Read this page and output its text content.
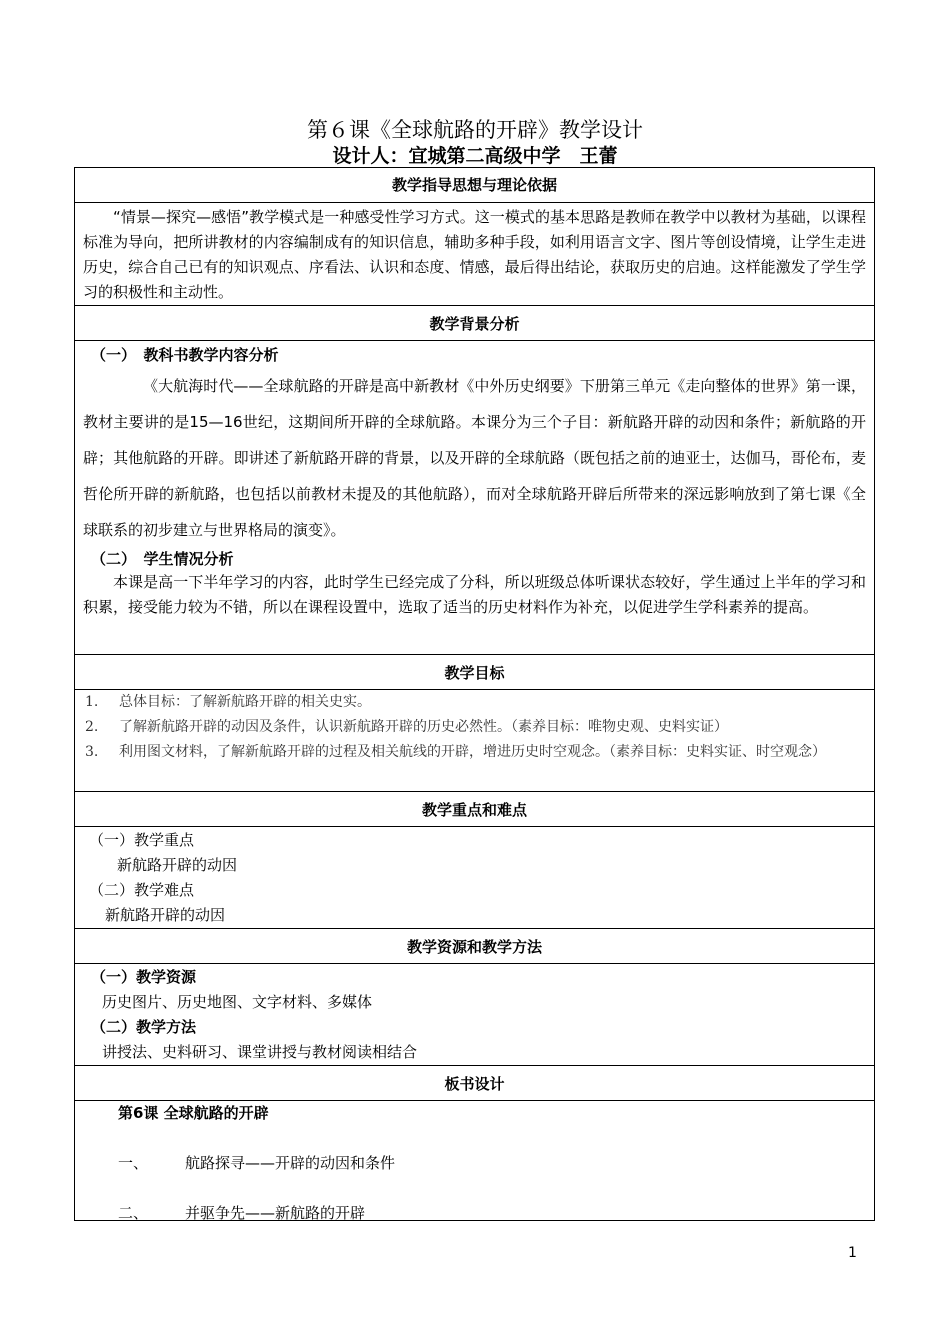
第６课《全球航路的开辟》教学设计
设计人：宜城第二高级中学　王蕾
教学指导思想与理论依据
“情景—探究—感悟”教学模式是一种感受性学习方式。这一模式的基本思路是教师在教学中以教材为基础，以课程标准为导向，把所讲教材的内容编制成有的知识信息，辅助多种手段，如利用语言文字、图片等创设情境，让学生走进历史，综合自己已有的知识观点、序看法、认识和态度、情感，最后得出结论，获取历史的启迪。这样能激发了学生学习的积极性和主动性。
教学背景分析
（一）　教科书教学内容分析
《大航海时代——全球航路的开辟是高中新教材《中外历史纲要》下册第三单元《走向整体的世界》第一课，教材主要讲的是15—16世纪，这期间所开辟的全球航路。本课分为三个子目：新航路开辟的动因和条件；新航路的开辟；其他航路的开辟。即讲述了新航路开辟的背景，以及开辟的全球航路（既包括之前的迪亚士，达伽马，哥伦布，麦哲伦所开辟的新航路，也包括以前教材未提及的其他航路），而对全球航路开辟后所带来的深远影响放到了第七课《全球联系的初步建立与世界格局的演变》。
（二）　学生情况分析
本课是高一下半年学习的内容，此时学生已经完成了分科，所以班级总体听课状态较好，学生通过上半年的学习和积累，接受能力较为不错，所以在课程设置中，选取了适当的历史材料作为补充，以促进学生学科素养的提高。
教学目标
1.	总体目标：了解新航路开辟的相关史实。
2.	了解新航路开辟的动因及条件，认识新航路开辟的历史必然性。（素养目标：唯物史观、史料实证）
3.	利用图文材料，了解新航路开辟的过程及相关航线的开辟，增进历史时空观念。（素养目标：史料实证、时空观念）
教学重点和难点
（一）教学重点
新航路开辟的动因
（二）教学难点
新航路开辟的动因
教学资源和教学方法
（一）教学资源
历史图片、历史地图、文字材料、多媒体
（二）教学方法
讲授法、史料研习、课堂讲授与教材阅读相结合
板书设计
第6课 全球航路的开辟
一、	航路探寻——开辟的动因和条件
二、	并驱争先——新航路的开辟
1
